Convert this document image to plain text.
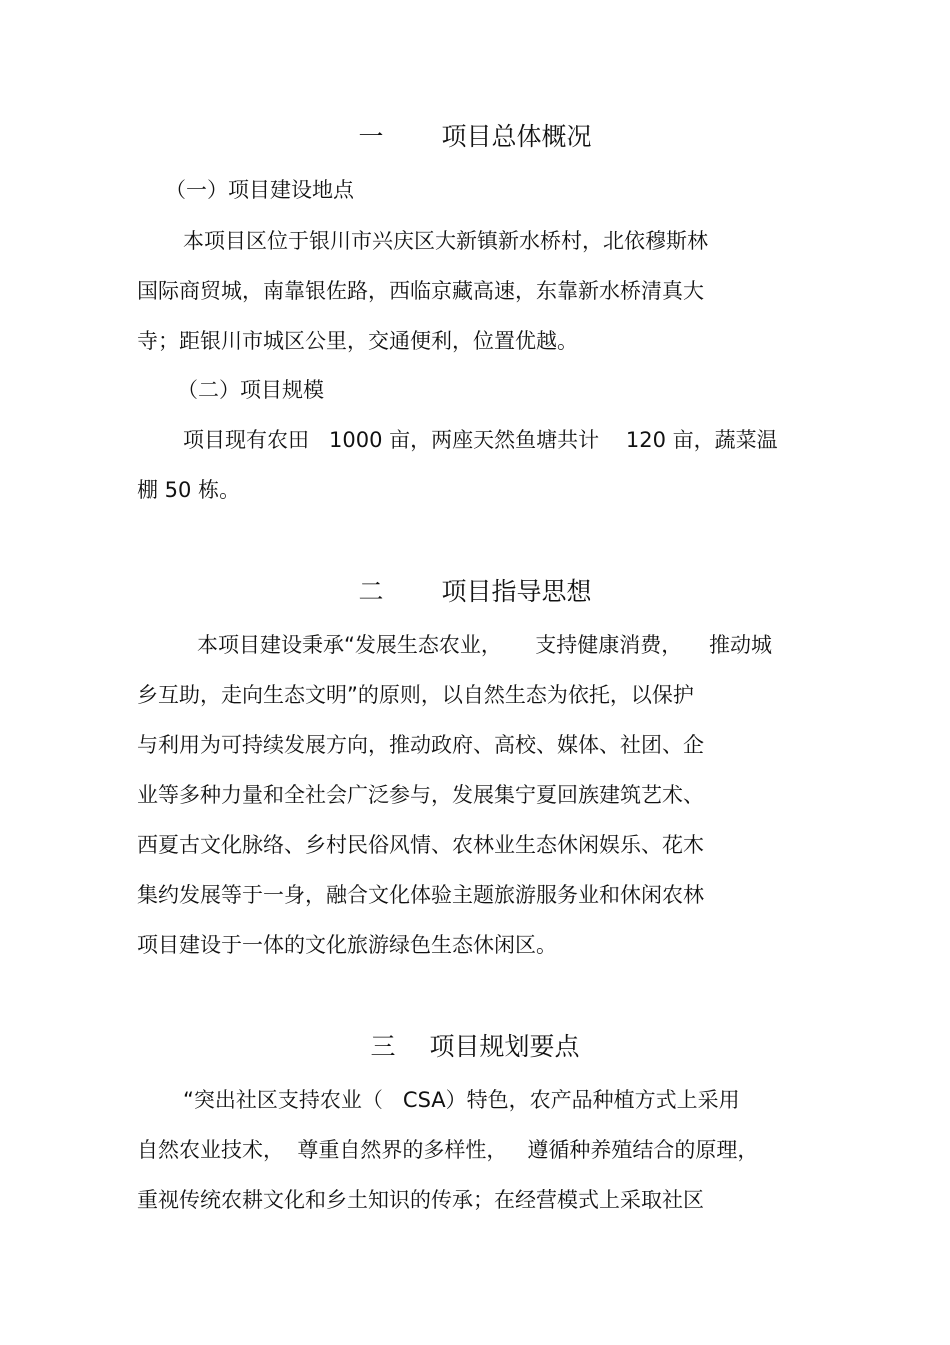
一 项目总体概况
（一）项目建设地点
本项目区位于银川市兴庆区大新镇新水桥村，北依穆斯林
国际商贸城，南靠银佐路，西临京藏高速，东靠新水桥清真大
寺；距银川市城区公里，交通便利，位置优越。
（二）项目规模
项目现有农田   1000 亩，两座天然鱼塘共计    120 亩，蔬菜温
棚 50 栋。
二 项目指导思想
本项目建设秉承“发展生态农业，     支持健康消费，    推动城
乡互助，走向生态文明”的原则，以自然生态为依托，以保护
与利用为可持续发展方向，推动政府、高校、媒体、社团、企
业等多种力量和全社会广泛参与，发展集宁夏回族建筑艺术、
西夏古文化脉络、乡村民俗风情、农林业生态休闲娱乐、花木
集约发展等于一身，融合文化体验主题旅游服务业和休闲农林
项目建设于一体的文化旅游绿色生态休闲区。
三 项目规划要点
“突出社区支持农业（   CSA）特色，农产品种植方式上采用
自然农业技术，  尊重自然界的多样性，   遵循种养殖结合的原理，
重视传统农耕文化和乡土知识的传承；在经营模式上采取社区
